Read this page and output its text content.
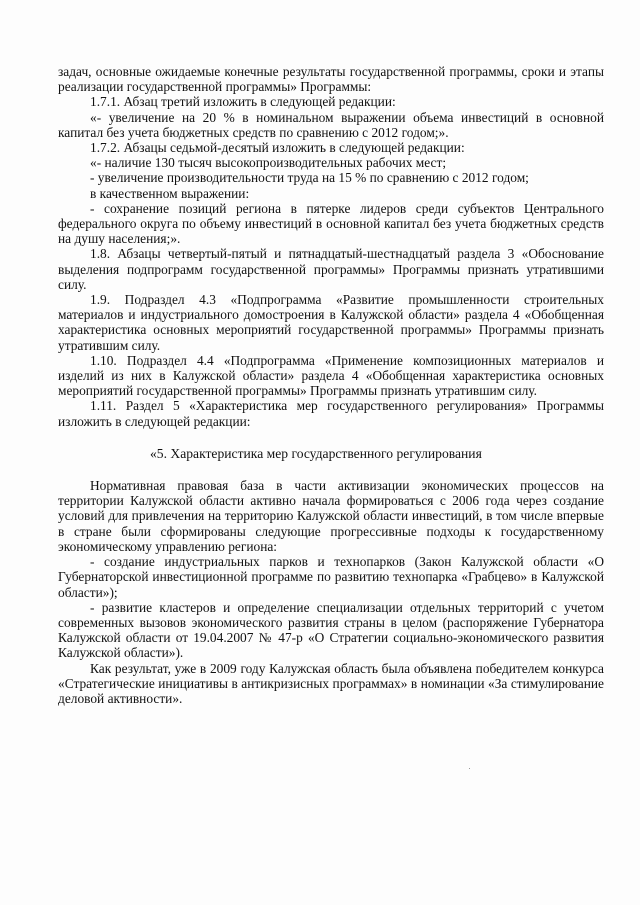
задач, основные ожидаемые конечные результаты государственной программы, сроки и этапы реализации государственной программы» Программы:

1.7.1. Абзац третий изложить в следующей редакции:

«- увеличение на 20 % в номинальном выражении объема инвестиций в основной капитал без учета бюджетных средств по сравнению с 2012 годом;».

1.7.2. Абзацы седьмой-десятый изложить в следующей редакции:

«- наличие 130 тысяч высокопроизводительных рабочих мест;

- увеличение производительности труда на 15 % по сравнению с 2012 годом;

в качественном выражении:

- сохранение позиций региона в пятерке лидеров среди субъектов Центрального федерального округа по объему инвестиций в основной капитал без учета бюджетных средств на душу населения;».

1.8. Абзацы четвертый-пятый и пятнадцатый-шестнадцатый раздела 3 «Обоснование выделения подпрограмм государственной программы» Программы признать утратившими силу.

1.9. Подраздел 4.3 «Подпрограмма «Развитие промышленности строительных материалов и индустриального домостроения в Калужской области» раздела 4 «Обобщенная характеристика основных мероприятий государственной программы» Программы признать утратившим силу.

1.10. Подраздел 4.4 «Подпрограмма «Применение композиционных материалов и изделий из них в Калужской области» раздела 4 «Обобщенная характеристика основных мероприятий государственной программы» Программы признать утратившим силу.

1.11. Раздел 5 «Характеристика мер государственного регулирования» Программы изложить в следующей редакции:

«5. Характеристика мер государственного регулирования

Нормативная правовая база в части активизации экономических процессов на территории Калужской области активно начала формироваться с 2006 года через создание условий для привлечения на территорию Калужской области инвестиций, в том числе впервые в стране были сформированы следующие прогрессивные подходы к государственному экономическому управлению региона:

- создание индустриальных парков и технопарков (Закон Калужской области «О Губернаторской инвестиционной программе по развитию технопарка «Грабцево» в Калужской области»);

- развитие кластеров и определение специализации отдельных территорий с учетом современных вызовов экономического развития страны в целом (распоряжение Губернатора Калужской области от 19.04.2007 № 47-р «О Стратегии социально-экономического развития Калужской области»).

Как результат, уже в 2009 году Калужская область была объявлена победителем конкурса «Стратегические инициативы в антикризисных программах» в номинации «За стимулирование деловой активности».
